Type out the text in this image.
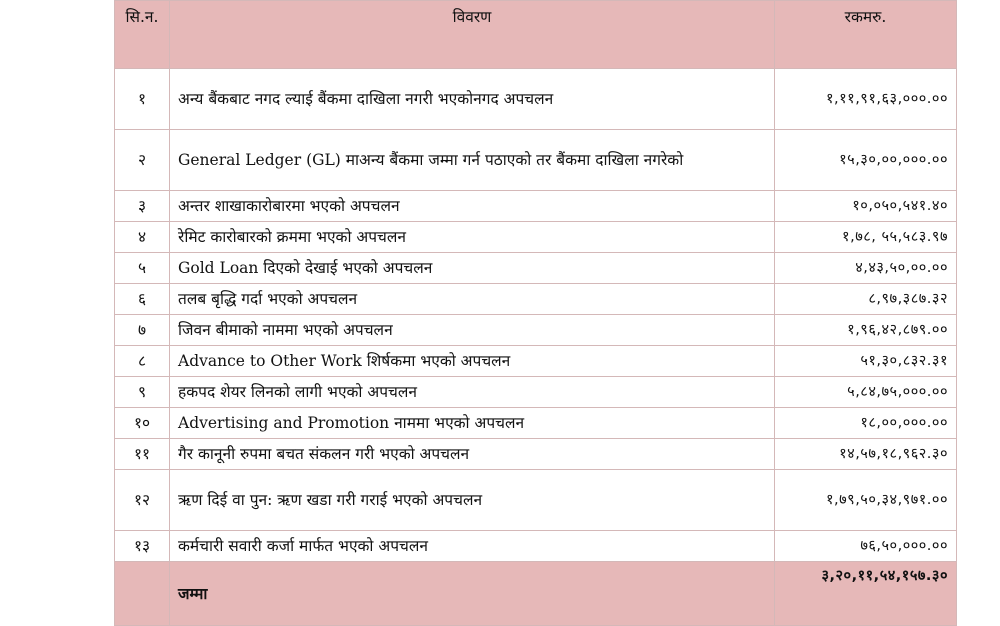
सि.न.	विवरण	रकमरु.
१	अन्य बैंकबाट नगद ल्याई बैंकमा दाखिला नगरी भएकोनगद अपचलन	१,११,९१,६३,०००.००
२	General Ledger (GL) माअन्य बैंकमा जम्मा गर्न पठाएको तर बैंकमा दाखिला नगरेको	१५,३०,००,०००.००
३	अन्तर शाखाकारोबारमा भएको अपचलन	१०,०५०,५४१.४०
४	रेमिट कारोबारको क्रममा भएको अपचलन	१,७८, ५५,५८३.९७
५	Gold Loan दिएको देखाई भएको अपचलन	४,४३,५०,००.००
६	तलब बृद्धि गर्दा भएको अपचलन	८,९७,३८७.३२
७	जिवन बीमाको नाममा भएको अपचलन	१,९६,४२,८७९.००
८	Advance to Other Work शिर्षकमा भएको अपचलन	५१,३०,८३२.३१
९	हकपद शेयर लिनको लागी भएको अपचलन	५,८४,७५,०००.००
१०	Advertising and Promotion नाममा भएको अपचलन	१८,००,०००.००
११	गैर कानूनी रुपमा बचत संकलन गरी भएको अपचलन	१४,५७,१८,९६२.३०
१२	ऋण दिई वा पुन: ऋण खडा गरी गराई भएको अपचलन	१,७९,५०,३४,९७१.००
१३	कर्मचारी सवारी कर्जा मार्फत भएको अपचलन	७६,५०,०००.००
	जम्मा	३,२०,११,५४,१५७.३०
